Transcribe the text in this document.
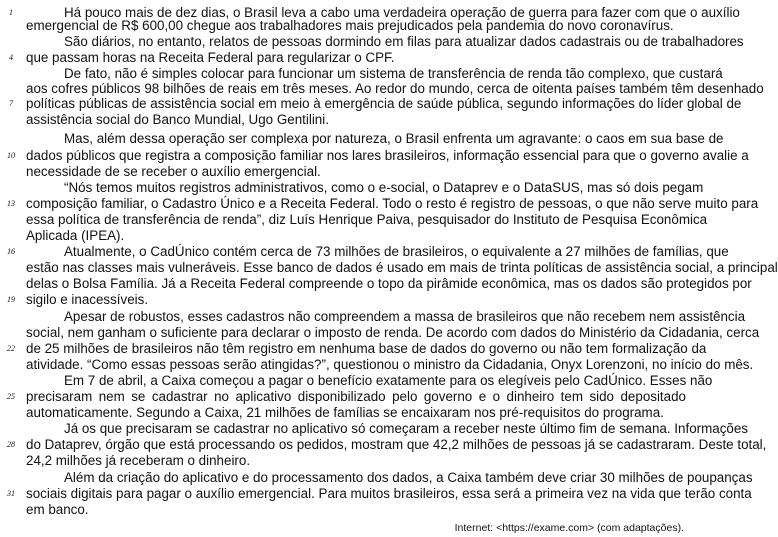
1
4
7
10
13
16
19
22
25
28
31
Há pouco mais de dez dias, o Brasil leva a cabo uma verdadeira operação de guerra para fazer com que o auxílio
emergencial de R$ 600,00 chegue aos trabalhadores mais prejudicados pela pandemia do novo coronavírus.
São diários, no entanto, relatos de pessoas dormindo em filas para atualizar dados cadastrais ou de trabalhadores
que passam horas na Receita Federal para regularizar o CPF.
De fato, não é simples colocar para funcionar um sistema de transferência de renda tão complexo, que custará
aos cofres públicos 98 bilhões de reais em três meses. Ao redor do mundo, cerca de oitenta países também têm desenhado
políticas públicas de assistência social em meio à emergência de saúde pública, segundo informações do líder global de
assistência social do Banco Mundial, Ugo Gentilini.
Mas, além dessa operação ser complexa por natureza, o Brasil enfrenta um agravante: o caos em sua base de
dados públicos que registra a composição familiar nos lares brasileiros, informação essencial para que o governo avalie a
necessidade de se receber o auxílio emergencial.
“Nós temos muitos registros administrativos, como o e-social, o Dataprev e o DataSUS, mas só dois pegam
composição familiar, o Cadastro Único e a Receita Federal. Todo o resto é registro de pessoas, o que não serve muito para
essa política de transferência de renda”, diz Luís Henrique Paiva, pesquisador do Instituto de Pesquisa Econômica
Aplicada (IPEA).
Atualmente, o CadÚnico contém cerca de 73 milhões de brasileiros, o equivalente a 27 milhões de famílias, que
estão nas classes mais vulneráveis. Esse banco de dados é usado em mais de trinta políticas de assistência social, a principal
delas o Bolsa Família. Já a Receita Federal compreende o topo da pirâmide econômica, mas os dados são protegidos por
sigilo e inacessíveis.
Apesar de robustos, esses cadastros não compreendem a massa de brasileiros que não recebem nem assistência
social, nem ganham o suficiente para declarar o imposto de renda. De acordo com dados do Ministério da Cidadania, cerca
de 25 milhões de brasileiros não têm registro em nenhuma base de dados do governo ou não tem formalização da
atividade. “Como essas pessoas serão atingidas?”, questionou o ministro da Cidadania, Onyx Lorenzoni, no início do mês.
Em 7 de abril, a Caixa começou a pagar o benefício exatamente para os elegíveis pelo CadÚnico. Esses não
precisaram nem se cadastrar no aplicativo disponibilizado pelo governo e o dinheiro tem sido depositado
automaticamente. Segundo a Caixa, 21 milhões de famílias se encaixaram nos pré-requisitos do programa.
Já os que precisaram se cadastrar no aplicativo só começaram a receber neste último fim de semana. Informações
do Dataprev, órgão que está processando os pedidos, mostram que 42,2 milhões de pessoas já se cadastraram. Deste total,
24,2 milhões já receberam o dinheiro.
Além da criação do aplicativo e do processamento dos dados, a Caixa também deve criar 30 milhões de poupanças
sociais digitais para pagar o auxílio emergencial. Para muitos brasileiros, essa será a primeira vez na vida que terão conta
em banco.
Internet: <https://exame.com> (com adaptações).
